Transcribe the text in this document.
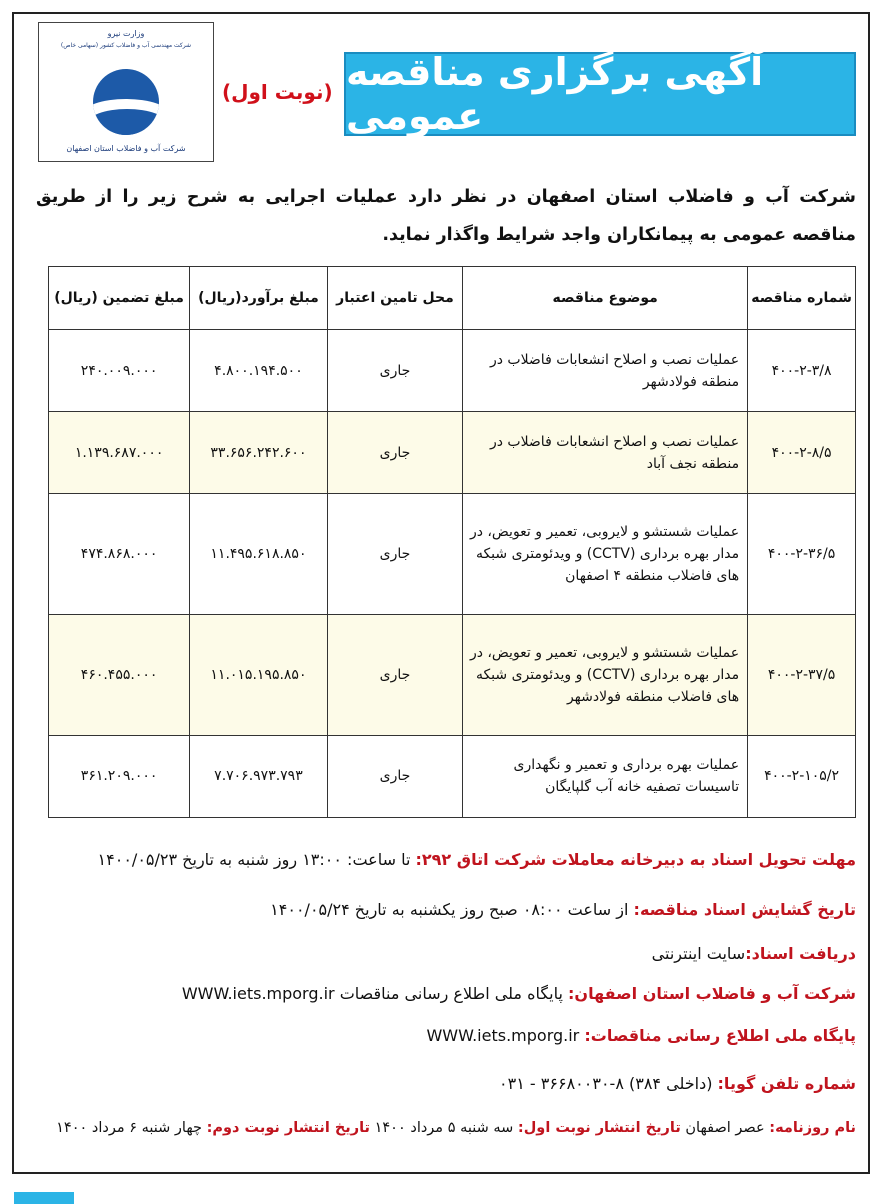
وزارت نیرو
شرکت مهندسی آب و فاضلاب کشور (سهامی خاص)
شرکت آب و فاضلاب استان اصفهان
آگهی برگزاری مناقصه عمومی
(نوبت اول)
شرکت آب و فاضلاب استان اصفهان در نظر دارد عملیات اجرایی به شرح زیر را از طریق مناقصه عمومی به پیمانکاران واجد شرایط واگذار نماید.
شماره مناقصه	موضوع مناقصه	محل تامین اعتبار	مبلغ برآورد(ریال)	مبلغ تضمین (ریال)
۴۰۰-۲-۳/۸	عملیات نصب و اصلاح انشعابات فاضلاب در منطقه فولادشهر	جاری	۴.۸۰۰.۱۹۴.۵۰۰	۲۴۰.۰۰۹.۰۰۰
۴۰۰-۲-۸/۵	عملیات نصب و اصلاح انشعابات فاضلاب در منطقه نجف آباد	جاری	۳۳.۶۵۶.۲۴۲.۶۰۰	۱.۱۳۹.۶۸۷.۰۰۰
۴۰۰-۲-۳۶/۵	عملیات شستشو و لایروبی، تعمیر و تعویض، در مدار بهره برداری (CCTV) و ویدئومتری شبکه های فاضلاب منطقه ۴ اصفهان	جاری	۱۱.۴۹۵.۶۱۸.۸۵۰	۴۷۴.۸۶۸.۰۰۰
۴۰۰-۲-۳۷/۵	عملیات شستشو و لایروبی، تعمیر و تعویض، در مدار بهره برداری (CCTV) و ویدئومتری شبکه های فاضلاب منطقه فولادشهر	جاری	۱۱.۰۱۵.۱۹۵.۸۵۰	۴۶۰.۴۵۵.۰۰۰
۴۰۰-۲-۱۰۵/۲	عملیات بهره برداری و تعمیر و نگهداری تاسیسات تصفیه خانه آب گلپایگان	جاری	۷.۷۰۶.۹۷۳.۷۹۳	۳۶۱.۲۰۹.۰۰۰
مهلت تحویل اسناد به دبیرخانه معاملات شرکت اتاق ۲۹۲: تا ساعت: ۱۳:۰۰ روز شنبه به تاریخ ۱۴۰۰/۰۵/۲۳
تاریخ گشایش اسناد مناقصه: از ساعت ۰۸:۰۰ صبح روز یکشنبه به تاریخ ۱۴۰۰/۰۵/۲۴
دریافت اسناد:سایت اینترنتی
شرکت آب و فاضلاب استان اصفهان: پایگاه ملی اطلاع رسانی مناقصات WWW.iets.mporg.ir
پایگاه ملی اطلاع رسانی مناقصات: WWW.iets.mporg.ir
شماره تلفن گویا: (داخلی ۳۸۴) ۸-۳۶۶۸۰۰۳۰ - ۰۳۱
نام روزنامه: عصر اصفهان تاریخ انتشار نوبت اول: سه شنبه ۵ مرداد ۱۴۰۰ تاریخ انتشار نوبت دوم: چهار شنبه ۶ مرداد ۱۴۰۰
